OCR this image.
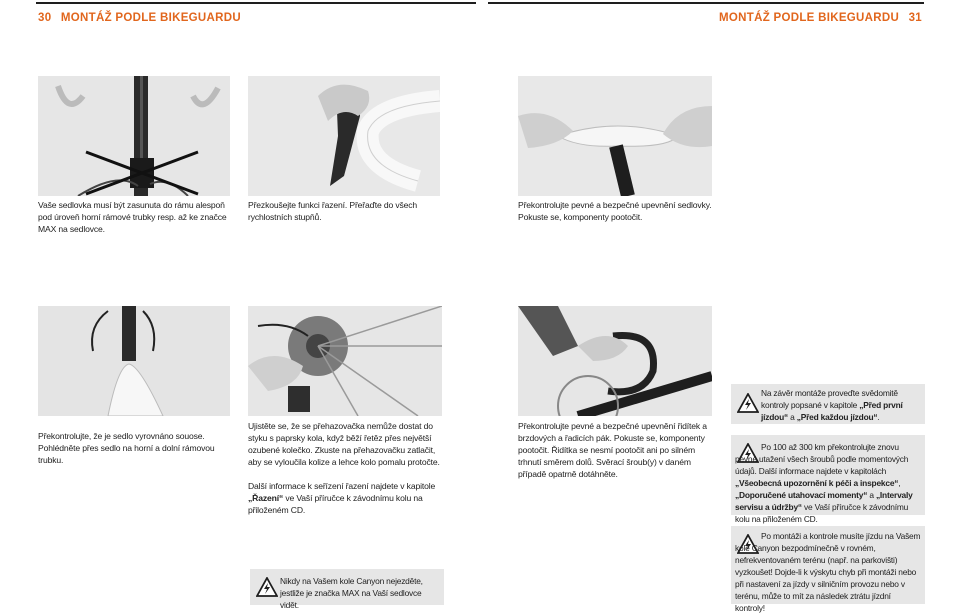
30 MONTÁŽ PODLE BIKEGUARDU	MONTÁŽ PODLE BIKEGUARDU 31
Vaše sedlovka musí být zasunuta do rámu alespoň pod úroveň horní rámové trubky resp. až ke značce MAX na sedlovce.
Přezkoušejte funkci řazení. Přeřaďte do všech rychlostních stupňů.
Překontrolujte pevné a bezpečné upevnění sedlovky. Pokuste se, komponenty pootočit.
Překontrolujte, že je sedlo vyrovnáno souose. Pohlédněte přes sedlo na horní a dolní rámovou trubku.
Ujistěte se, že se přehazovačka nemůže dostat do styku s paprsky kola, když běží řetěz přes největší ozubené kolečko. Zkuste na přehazovačku zatlačit, aby se vyloučila kolize a lehce kolo pomalu protočte.
Další informace k seřízení řazení najdete v kapitole „Řazení“ ve Vaší příručce k závodnímu kolu na přiloženém CD.
Překontrolujte pevné a bezpečné upevnění řidítek a brzdových a řadicích pák. Pokuste se, komponenty pootočit. Řidítka se nesmí pootočit ani po silném trhnutí směrem dolů. Svěrací šroub(y) v daném případě opatrně dotáhněte.
Na závěr montáže proveďte svědomitě kontroly popsané v kapitole „Před první jízdou“ a „Před každou jízdou“.
Po 100 až 300 km překontrolujte znovu pevné utažení všech šroubů podle momentových údajů. Další informace najdete v kapitolách „Všeobecná upozornění k péči a inspekce“, „Doporučené utahovací momenty“ a „Intervaly servisu a údržby“ ve Vaší příručce k závodnímu kolu na přiloženém CD.
Nikdy na Vašem kole Canyon nejezděte, jestliže je značka MAX na Vaší sedlovce vidět.
Po montáži a kontrole musíte jízdu na Vašem kole Canyon bezpodmínečně v rovném, nefrekventovaném terénu (např. na parkovišti) vyzkoušet! Dojde-li k výskytu chyb při montáži nebo při nastavení za jízdy v silničním provozu nebo v terénu, může to mít za následek ztrátu jízdní kontroly!
